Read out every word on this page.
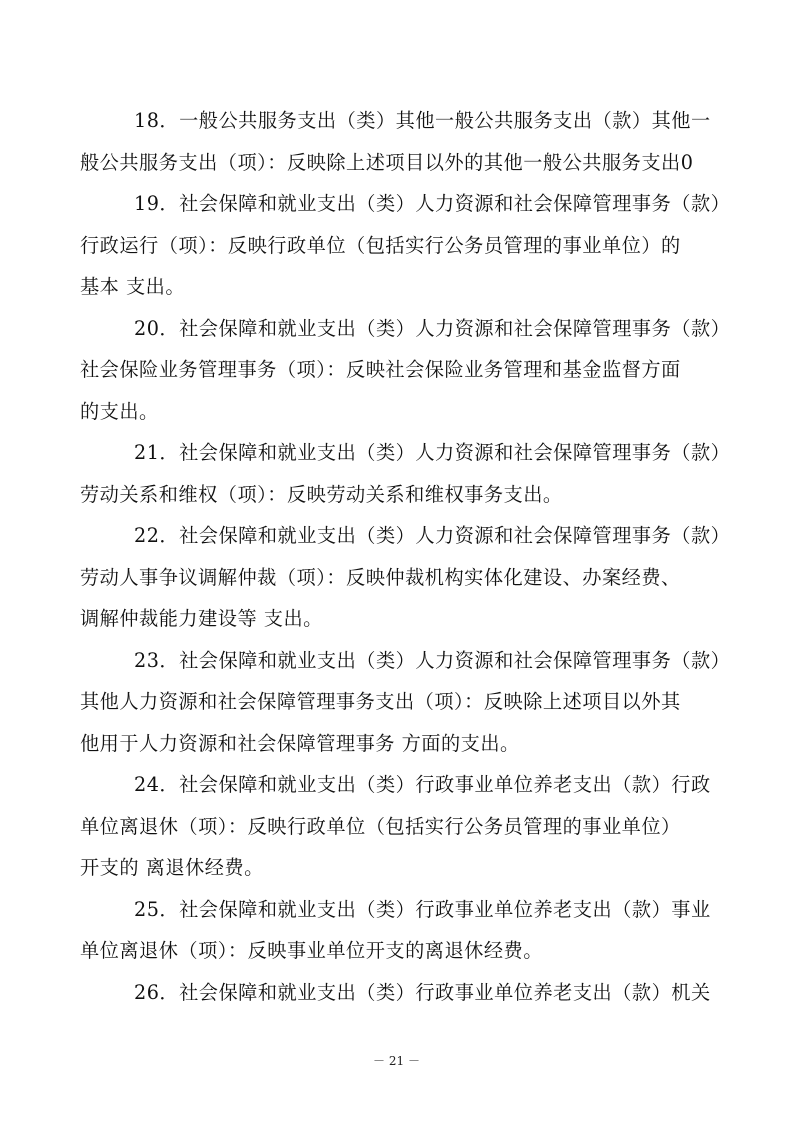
18．一般公共服务支出（类）其他一般公共服务支出（款）其他一
般公共服务支出（项）：反映除上述项目以外的其他一般公共服务支出0
19．社会保障和就业支出（类）人力资源和社会保障管理事务（款）
行政运行（项）：反映行政单位（包括实行公务员管理的事业单位）的
基本 支出。
20．社会保障和就业支出（类）人力资源和社会保障管理事务（款）
社会保险业务管理事务（项）：反映社会保险业务管理和基金监督方面
的支出。
21．社会保障和就业支出（类）人力资源和社会保障管理事务（款）
劳动关系和维权（项）：反映劳动关系和维权事务支出。
22．社会保障和就业支出（类）人力资源和社会保障管理事务（款）
劳动人事争议调解仲裁（项）：反映仲裁机构实体化建设、办案经费、
调解仲裁能力建设等 支出。
23．社会保障和就业支出（类）人力资源和社会保障管理事务（款）
其他人力资源和社会保障管理事务支出（项）：反映除上述项目以外其
他用于人力资源和社会保障管理事务 方面的支出。
24．社会保障和就业支出（类）行政事业单位养老支出（款）行政
单位离退休（项）：反映行政单位（包括实行公务员管理的事业单位）
开支的 离退休经费。
25．社会保障和就业支出（类）行政事业单位养老支出（款）事业
单位离退休（项）：反映事业单位开支的离退休经费。
26．社会保障和就业支出（类）行政事业单位养老支出（款）机关
－ 21 －
